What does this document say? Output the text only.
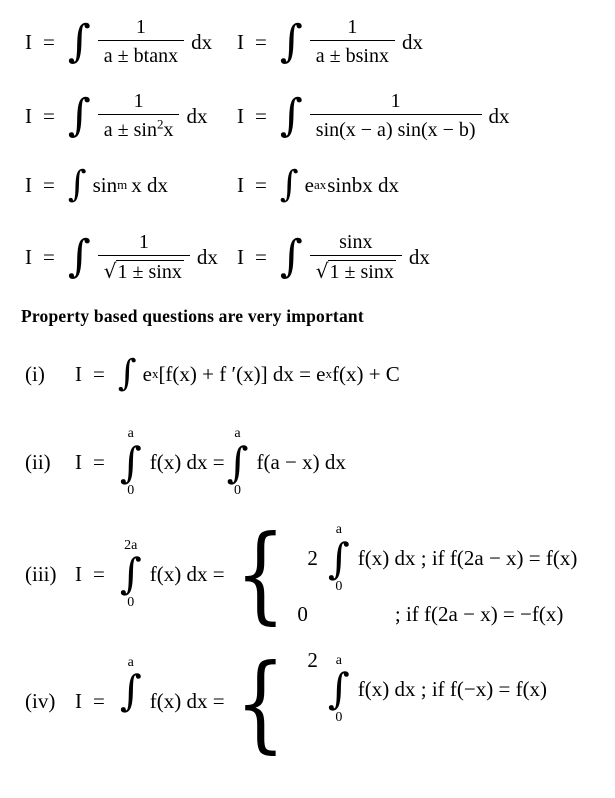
I = ∫ $\frac{1}{a \pm btanx}$ dx I = ∫ $\frac{1}{a \pm bsinx}$ dx
I = ∫ $\frac{1}{a \pm \sin^2x}$ dx I = ∫ $\frac{1}{\sin(x - a) \sin(x - b)}$ dx
I = ∫ sin m x dx	I = ∫ e ax sinbx dx
I = ∫ $\frac{1}{√1 \pm \sin x}$ dx I = ∫ $\frac{\sin x}{√1 \pm \sin x}$ dx
Property based questions are very important
(i)	I = ∫ e x [f(x) + f ′(x)] dx = e x f(x) + C
(ii)	I =
a
∫
0
f(x) dx =
a
∫
0
f(a − x) dx
(iii) I =
2a
∫
0
f(x) dx = { 2
a
∫
0
f(x) dx ; if f(2a − x) = f(x)
0	; if f(2a − x) = −f(x)
(iv) I =
a
∫ f(x) dx = { 2 a
∫
0
f(x) dx ; if f(−x) = f(x)
